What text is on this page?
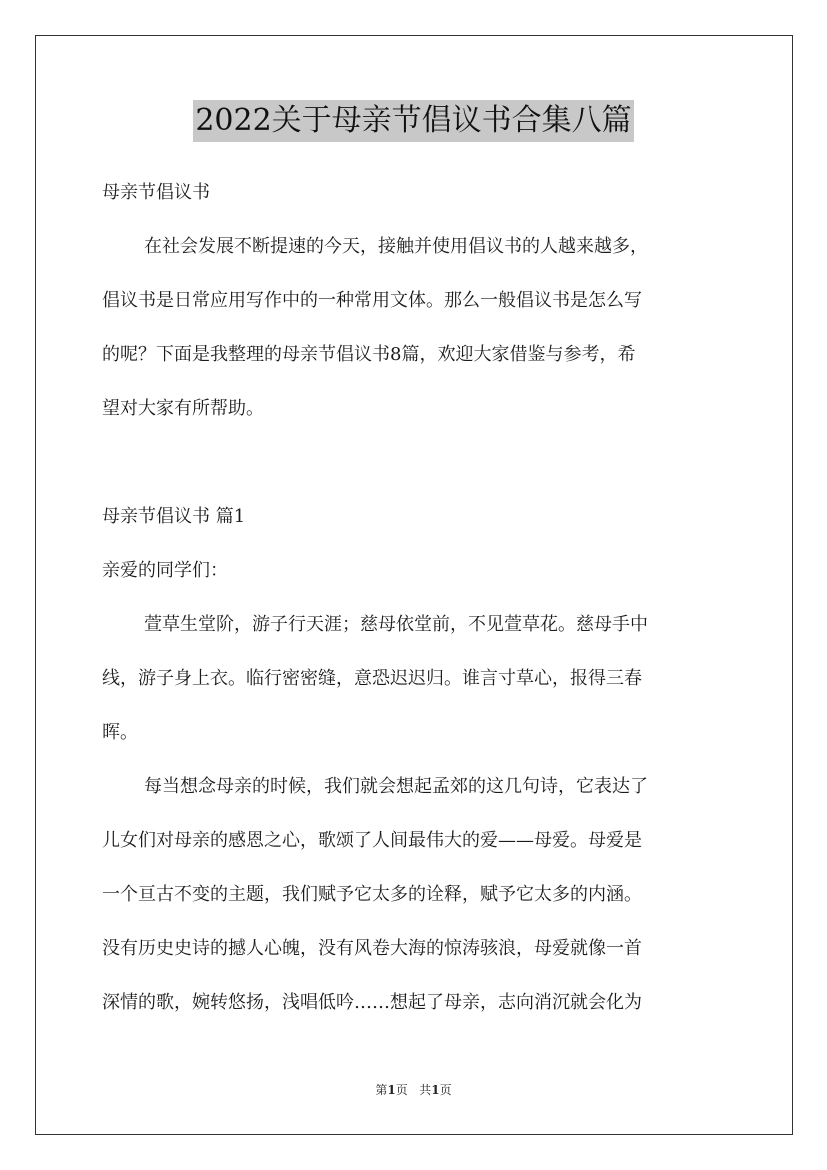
2022关于母亲节倡议书合集八篇
母亲节倡议书
在社会发展不断提速的今天，接触并使用倡议书的人越来越多，
倡议书是日常应用写作中的一种常用文体。那么一般倡议书是怎么写
的呢？下面是我整理的母亲节倡议书8篇，欢迎大家借鉴与参考，希
望对大家有所帮助。
母亲节倡议书 篇1
亲爱的同学们：
萱草生堂阶，游子行天涯；慈母依堂前，不见萱草花。慈母手中
线，游子身上衣。临行密密缝，意恐迟迟归。谁言寸草心，报得三春
晖。
每当想念母亲的时候，我们就会想起孟郊的这几句诗，它表达了
儿女们对母亲的感恩之心，歌颂了人间最伟大的爱——母爱。母爱是
一个亘古不变的主题，我们赋予它太多的诠释，赋予它太多的内涵。
没有历史史诗的撼人心魄，没有风卷大海的惊涛骇浪，母爱就像一首
深情的歌，婉转悠扬，浅唱低吟……想起了母亲，志向消沉就会化为
第1页 共1页
